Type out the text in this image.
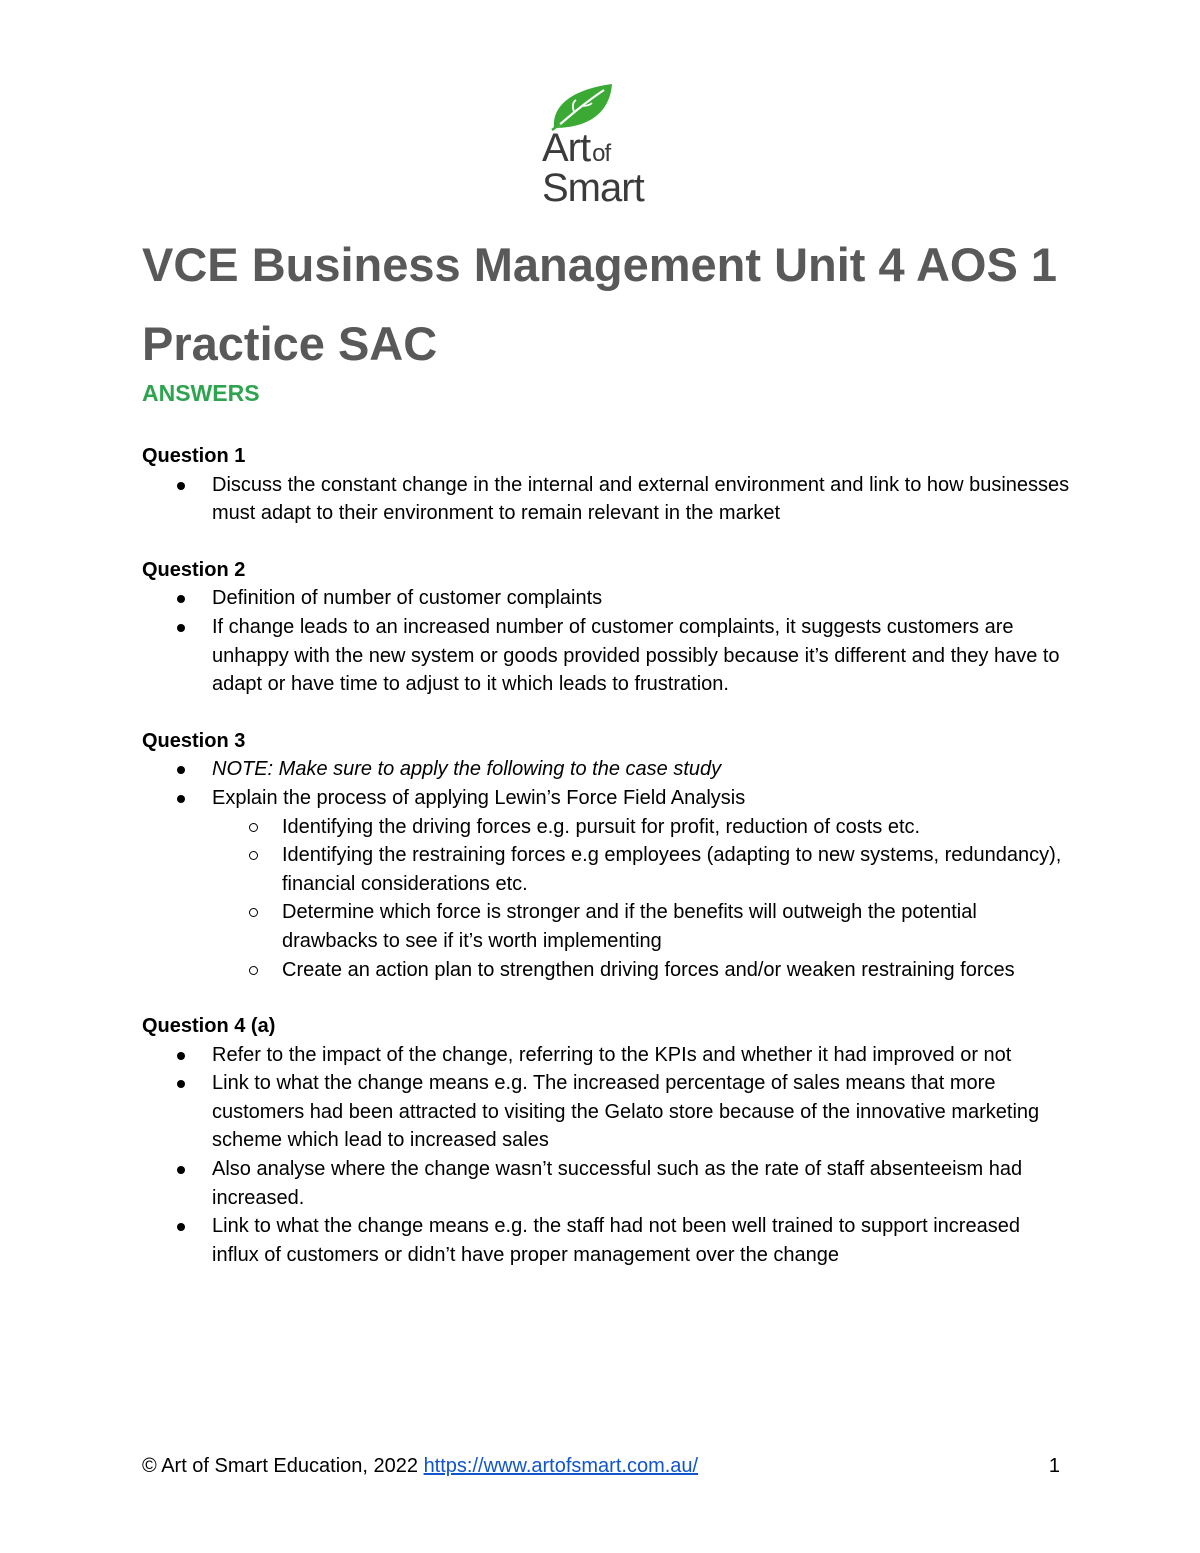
Artof
Smart
VCE Business Management Unit 4 AOS 1 Practice SAC
ANSWERS

Question 1

Discuss the constant change in the internal and external environment and link to how businesses must adapt to their environment to remain relevant in the market

Question 2

Definition of number of customer complaints
If change leads to an increased number of customer complaints, it suggests customers are unhappy with the new system or goods provided possibly because it’s different and they have to adapt or have time to adjust to it which leads to frustration.

Question 3

NOTE: Make sure to apply the following to the case study
Explain the process of applying Lewin’s Force Field Analysis
Identifying the driving forces e.g. pursuit for profit, reduction of costs etc.
Identifying the restraining forces e.g employees (adapting to new systems, redundancy), financial considerations etc.
Determine which force is stronger and if the benefits will outweigh the potential drawbacks to see if it’s worth implementing
Create an action plan to strengthen driving forces and/or weaken restraining forces

Question 4 (a)

Refer to the impact of the change, referring to the KPIs and whether it had improved or not
Link to what the change means e.g. The increased percentage of sales means that more customers had been attracted to visiting the Gelato store because of the innovative marketing scheme which lead to increased sales
Also analyse where the change wasn’t successful such as the rate of staff absenteeism had increased.
Link to what the change means e.g. the staff had not been well trained to support increased influx of customers or didn’t have proper management over the change
© Art of Smart Education, 2022 https://www.artofsmart.com.au/	1
